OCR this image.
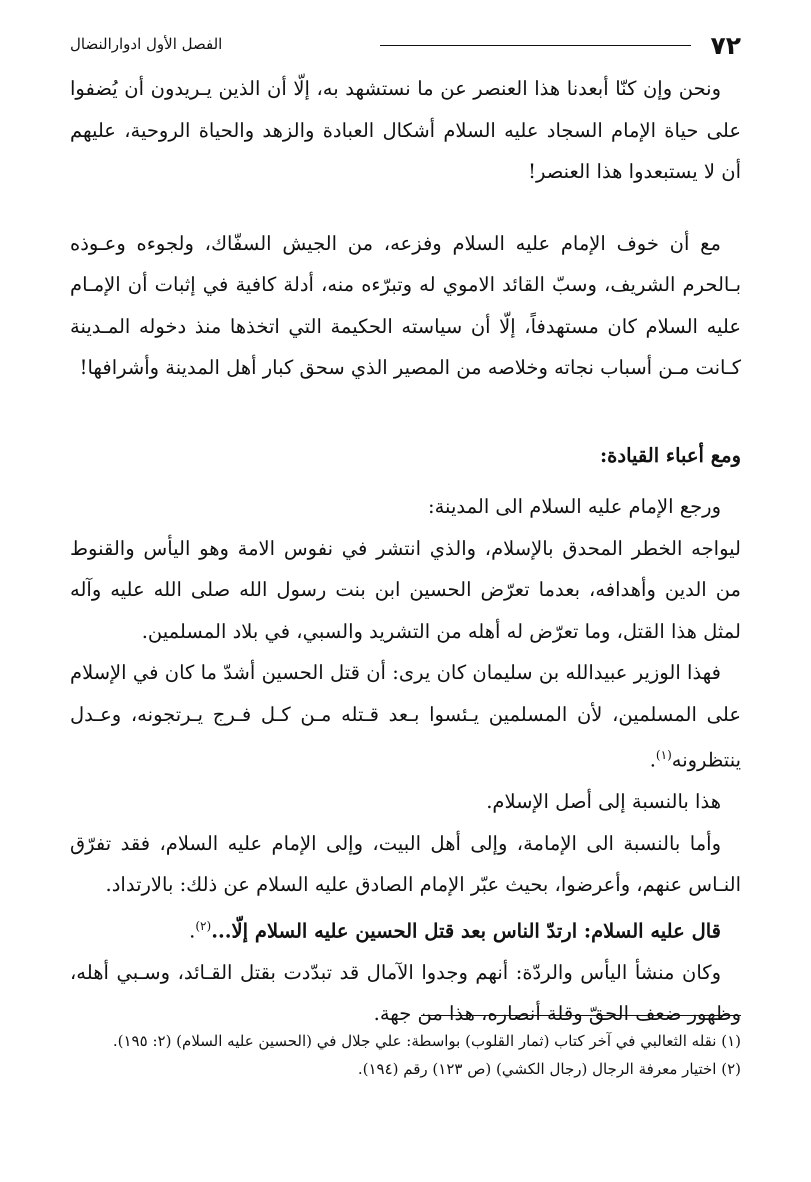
٧٢
الفصل الأول ادوارالنضال

ونحن وإن كنّا أبعدنا هذا العنصر عن ما نستشهد به، إلّا أن الذين يـريدون أن يُضفوا على حياة الإمام السجاد عليه السلام أشكال العبادة والزهد والحياة الروحية، عليهم أن لا يستبعدوا هذا العنصر!

مع أن خوف الإمام عليه السلام وفزعه، من الجيش السفّاك، ولجوءه وعـوذه بـالحرم الشريف، وسبّ القائد الاموي له وتبرّءه منه، أدلة كافية في إثبات أن الإمـام عليه السلام كان مستهدفاً، إلّا أن سياسته الحكيمة التي اتخذها منذ دخوله المـدينة كـانت مـن أسباب نجاته وخلاصه من المصير الذي سحق كبار أهل المدينة وأشرافها!

ومع أعباء القيادة:

ورجع الإمام عليه السلام الى المدينة:

ليواجه الخطر المحدق بالإسلام، والذي انتشر في نفوس الامة وهو اليأس والقنوط من الدين وأهدافه، بعدما تعرّض الحسين ابن بنت رسول الله صلى الله عليه وآله لمثل هذا القتل، وما تعرّض له أهله من التشريد والسبي، في بلاد المسلمين.

فهذا الوزير عبيدالله بن سليمان كان يرى: أن قتل الحسين أشدّ ما كان في الإسلام على المسلمين، لأن المسلمين يـئسوا بـعد قـتله مـن كـل فـرج يـرتجونه، وعـدل ينتظرونه$^{(١)}$.

هذا بالنسبة إلى أصل الإسلام.

وأما بالنسبة الى الإمامة، وإلى أهل البيت، وإلى الإمام عليه السلام، فقد تفرّق النـاس عنهم، وأعرضوا، بحيث عبّر الإمام الصادق عليه السلام عن ذلك: بالارتداد.

قال عليه السلام: ارتدّ الناس بعد قتل الحسين عليه السلام إلّا...$^{(٢)}$.

وكان منشأ اليأس والردّة: أنهم وجدوا الآمال قد تبدّدت بقتل القـائد، وسـبي أهله، وظهور ضعف الحقّ وقلة أنصاره، هذا من جهة.

(١) نقله الثعالبي في آخر كتاب (ثمار القلوب) بواسطة: علي جلال في (الحسين عليه السلام) (٢: ١٩٥).
(٢) اختيار معرفة الرجال (رجال الكشي) (ص ١٢٣) رقم (١٩٤).
